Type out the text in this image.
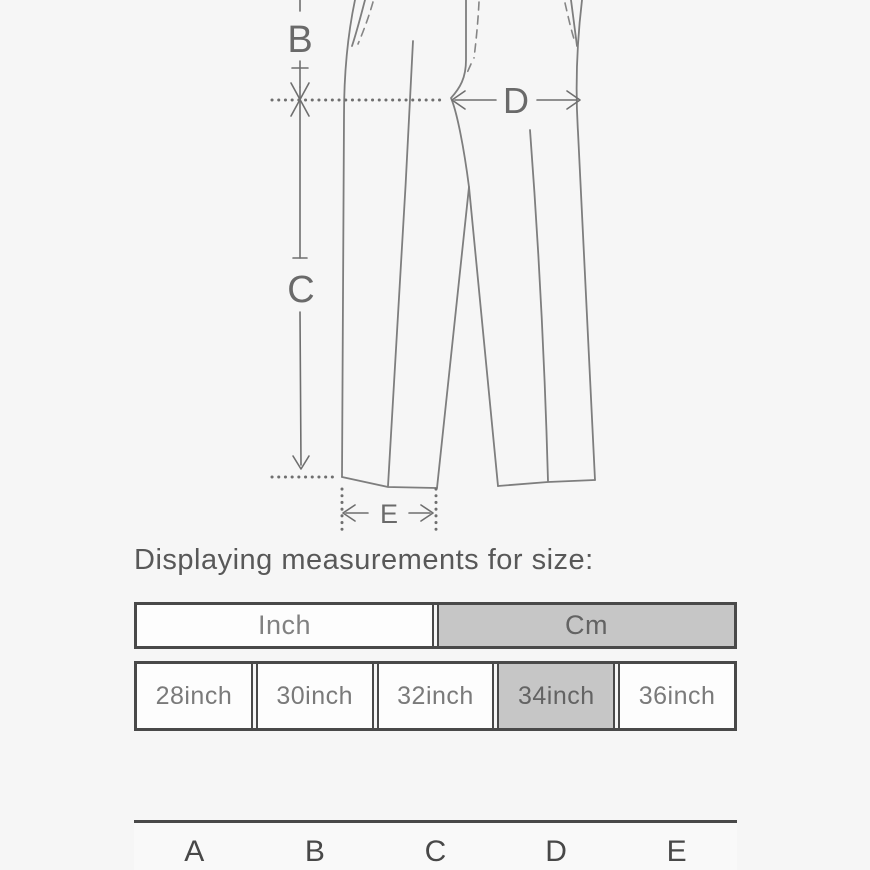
B
C
D
E
Displaying measurements for size:
Inch	Cm
28inch	30inch	32inch	34inch	36inch
A	B	C	D	E
